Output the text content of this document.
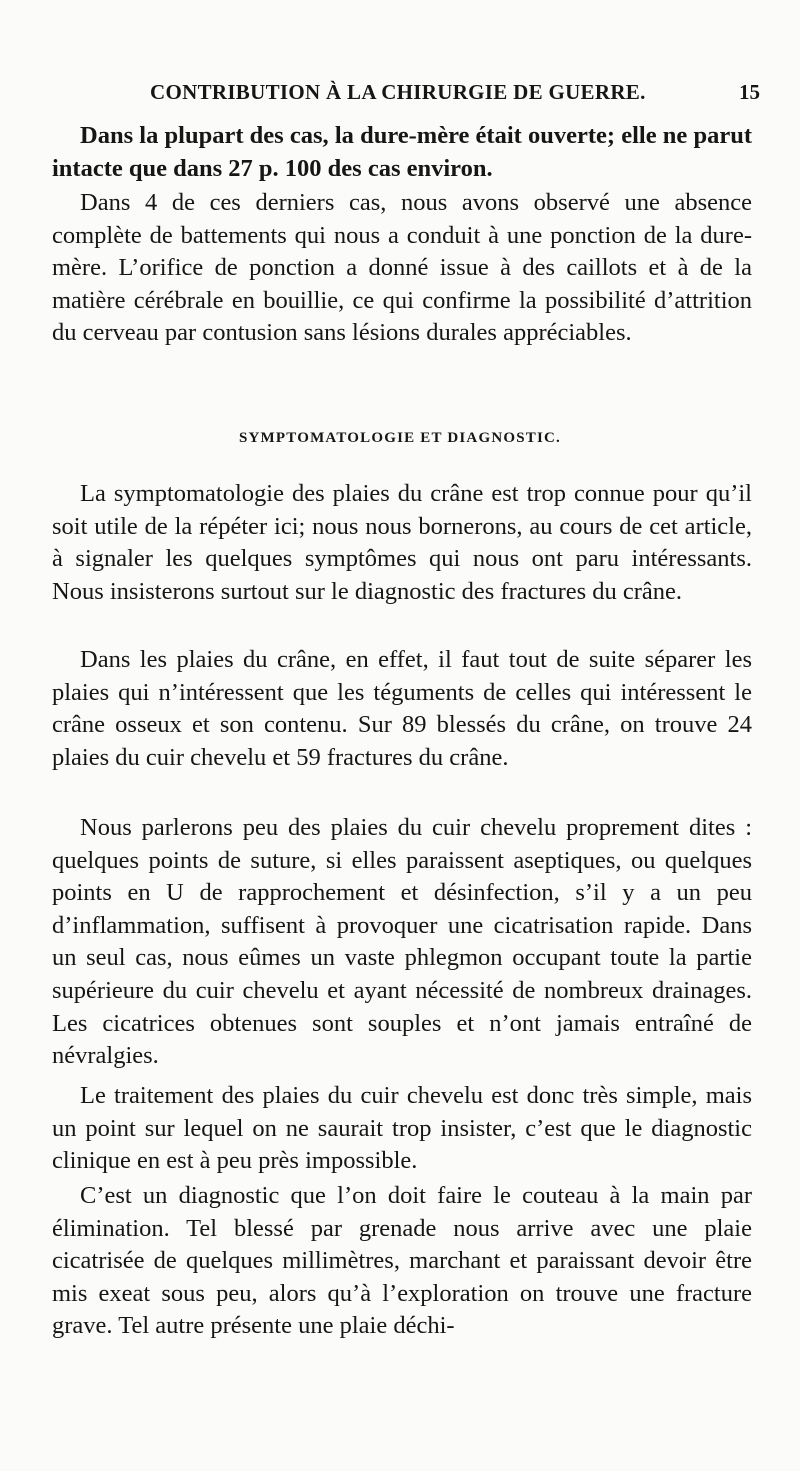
CONTRIBUTION À LA CHIRURGIE DE GUERRE.	15

Dans la plupart des cas, la dure-mère était ouverte; elle ne parut intacte que dans 27 p. 100 des cas environ.

Dans 4 de ces derniers cas, nous avons observé une absence complète de battements qui nous a conduit à une ponction de la dure-mère. L’orifice de ponction a donné issue à des caillots et à de la matière cérébrale en bouillie, ce qui confirme la possibilité d’attrition du cerveau par contusion sans lésions durales appréciables.

SYMPTOMATOLOGIE ET DIAGNOSTIC.

La symptomatologie des plaies du crâne est trop connue pour qu’il soit utile de la répéter ici; nous nous bornerons, au cours de cet article, à signaler les quelques symptômes qui nous ont paru intéressants. Nous insisterons surtout sur le diagnostic des fractures du crâne.

Dans les plaies du crâne, en effet, il faut tout de suite séparer les plaies qui n’intéressent que les téguments de celles qui intéressent le crâne osseux et son contenu. Sur 89 blessés du crâne, on trouve 24 plaies du cuir chevelu et 59 fractures du crâne.

Nous parlerons peu des plaies du cuir chevelu proprement dites : quelques points de suture, si elles paraissent aseptiques, ou quelques points en U de rapprochement et désinfection, s’il y a un peu d’inflammation, suffisent à provoquer une cicatrisation rapide. Dans un seul cas, nous eûmes un vaste phlegmon occupant toute la partie supérieure du cuir chevelu et ayant nécessité de nombreux drainages. Les cicatrices obtenues sont souples et n’ont jamais entraîné de névralgies.

Le traitement des plaies du cuir chevelu est donc très simple, mais un point sur lequel on ne saurait trop insister, c’est que le diagnostic clinique en est à peu près impossible.

C’est un diagnostic que l’on doit faire le couteau à la main par élimination. Tel blessé par grenade nous arrive avec une plaie cicatrisée de quelques millimètres, marchant et paraissant devoir être mis exeat sous peu, alors qu’à l’exploration on trouve une fracture grave. Tel autre présente une plaie déchi-
